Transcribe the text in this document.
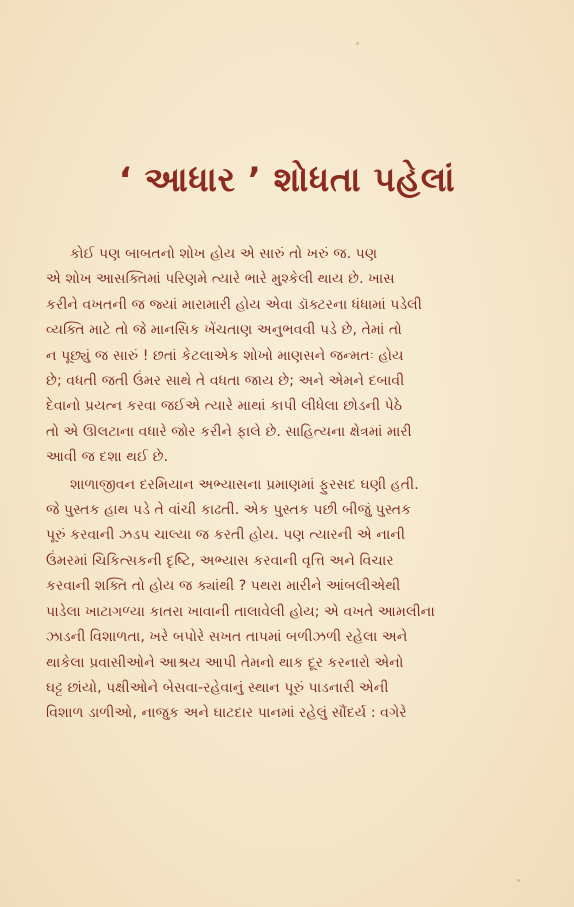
‘ આધાર ’ શોધતા પહેલાં

કોઈ પણ બાબતનો શોખ હોય એ સારું તો ખરું જ. પણ
એ શોખ આસક્તિમાં પરિણમે ત્યારે ભારે મુશ્કેલી થાય છે. ખાસ
કરીને વખતની જ જ્યાં મારામારી હોય એવા ડૉક્ટરના ધંધામાં પડેલી
વ્યક્તિ માટે તો જે માનસિક ખેંચતાણ અનુભવવી પડે છે, તેમાં તો
ન પૂછ્યું જ સારું ! છતાં કેટલાએક શોખો માણસને જન્મતઃ હોય
છે; વધતી જતી ઉંમર સાથે તે વધતા જાય છે; અને એમને દબાવી
દેવાનો પ્રયત્ન કરવા જઈએ ત્યારે માથાં કાપી લીધેલા છોડની પેઠે
તો એ ઊલટાના વધારે જોર કરીને ફાલે છે. સાહિત્યના ક્ષેત્રમાં મારી
આવી જ દશા થઈ છે.

શાળાજીવન દરમિયાન અભ્યાસના પ્રમાણમાં ફુરસદ ઘણી હતી.
જે પુસ્તક હાથ પડે તે વાંચી કાઢતી. એક પુસ્તક પછી બીજું પુસ્તક
પૂરું કરવાની ઝડપ ચાલ્યા જ કરતી હોય. પણ ત્યારની એ નાની
ઉંમરમાં ચિકિત્સકની દૃષ્ટિ, અભ્યાસ કરવાની વૃત્તિ અને વિચાર
કરવાની શક્તિ તો હોય જ ક્યાંથી ? પથરા મારીને આંબલીએથી
પાડેલા ખાટાગળ્યા કાતરા ખાવાની તાલાવેલી હોય; એ વખતે આમલીના
ઝાડની વિશાળતા, ખરે બપોરે સખત તાપમાં બળીઝળી રહેલા અને
થાકેલા પ્રવાસીઓને આશ્રય આપી તેમનો થાક દૂર કરનારો એનો
ઘટ્ટ છાંયો, પક્ષીઓને બેસવા-રહેવાનું સ્થાન પૂરું પાડનારી એની
વિશાળ ડાળીઓ, નાજુક અને ઘાટદાર પાનમાં રહેલું સૌંદર્ય : વગેરે
